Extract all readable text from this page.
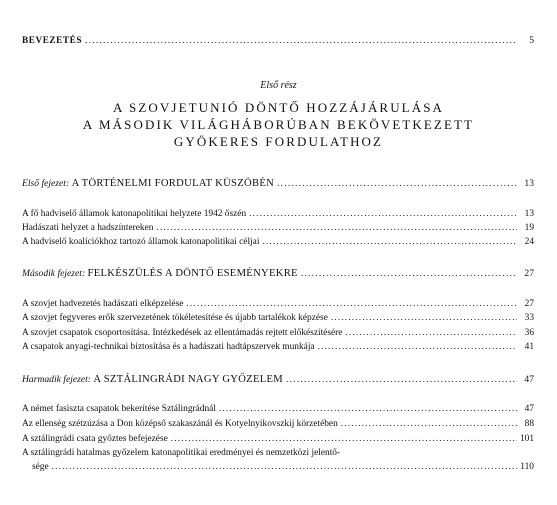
BEVEZETÉS . . .	5
Első rész
A SZOVJETUNIÓ DÖNTŐ HOZZÁJÁRULÁSA
A MÁSODIK VILÁGHÁBORÚBAN BEKÖVETKEZETT
GYÖKERES FORDULATHOZ
Első fejezet: A TÖRTÉNELMI FORDULAT KÜSZÖBÉN . . .	13
A fő hadviselő államok katonapolitikai helyzete 1942 őszén . . .	13
Hadászati helyzet a hadszíntereken . . .	19
A hadviselő koalíciókhoz tartozó államok katonapolitikai céljai . . .	24
Második fejezet: FELKÉSZÜLÉS A DÖNTŐ ESEMÉNYEKRE . . .	27
A szovjet hadvezetés hadászati elképzelése . . .	27
A szovjet fegyveres erők szervezetének tökéletesítése és újabb tartalékok képzése . . .	33
A szovjet csapatok csoportosítása. Intézkedések az ellentámadás rejtett előkészítésére . . .	36
A csapatok anyagi-technikai biztosítása és a hadászati hadtápszervek munkája . . .	41
Harmadik fejezet: A SZTÁLINGRÁDI NAGY GYŐZELEM . . .	47
A német fasiszta csapatok bekerítése Sztálingrádnál . . .	47
Az ellenség szétzúzása a Don középső szakaszánál és Kotyelnyikovszkij körzetében . . .	88
A sztálingrádi csata győztes befejezése . . .	101
A sztálingrádi hatalmas győzelem katonapolitikai eredményei és nemzetközi jelentő-
sége . . .	110
